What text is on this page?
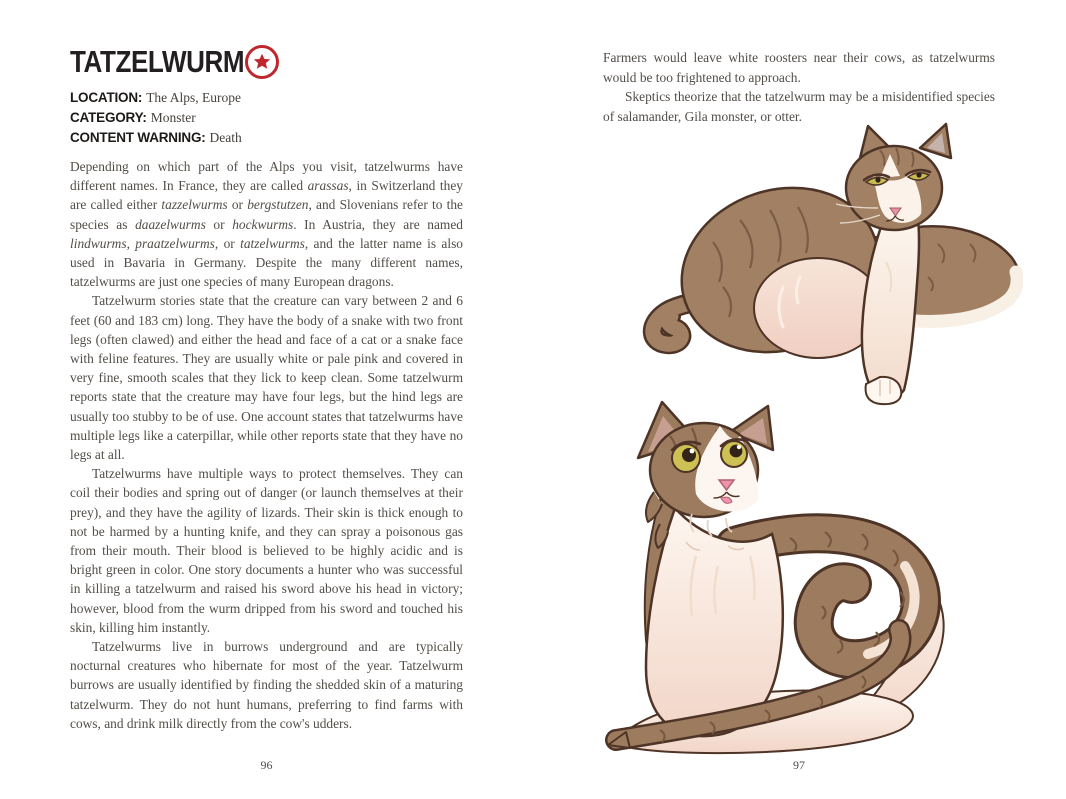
TATZELWURM
LOCATION: The Alps, Europe
CATEGORY: Monster
CONTENT WARNING: Death

Depending on which part of the Alps you visit, tatzelwurms have different names. In France, they are called arassas, in Switzerland they are called either tazzelwurms or bergstutzen, and Slovenians refer to the species as daazelwurms or hockwurms. In Austria, they are named lindwurms, praatzelwurms, or tatzelwurms, and the latter name is also used in Bavaria in Germany. Despite the many different names, tatzelwurms are just one species of many European dragons.

Tatzelwurm stories state that the creature can vary between 2 and 6 feet (60 and 183 cm) long. They have the body of a snake with two front legs (often clawed) and either the head and face of a cat or a snake face with feline features. They are usually white or pale pink and covered in very fine, smooth scales that they lick to keep clean. Some tatzelwurm reports state that the creature may have four legs, but the hind legs are usually too stubby to be of use. One account states that tatzelwurms have multiple legs like a caterpillar, while other reports state that they have no legs at all.

Tatzelwurms have multiple ways to protect themselves. They can coil their bodies and spring out of danger (or launch themselves at their prey), and they have the agility of lizards. Their skin is thick enough to not be harmed by a hunting knife, and they can spray a poisonous gas from their mouth. Their blood is believed to be highly acidic and is bright green in color. One story documents a hunter who was successful in killing a tatzelwurm and raised his sword above his head in victory; however, blood from the wurm dripped from his sword and touched his skin, killing him instantly.

Tatzelwurms live in burrows underground and are typically nocturnal creatures who hibernate for most of the year. Tatzelwurm burrows are usually identified by finding the shedded skin of a maturing tatzelwurm. They do not hunt humans, preferring to find farms with cows, and drink milk directly from the cow's udders.

96

Farmers would leave white roosters near their cows, as tatzelwurms would be too frightened to approach.

Skeptics theorize that the tatzelwurm may be a misidentified species of salamander, Gila monster, or otter.

97
